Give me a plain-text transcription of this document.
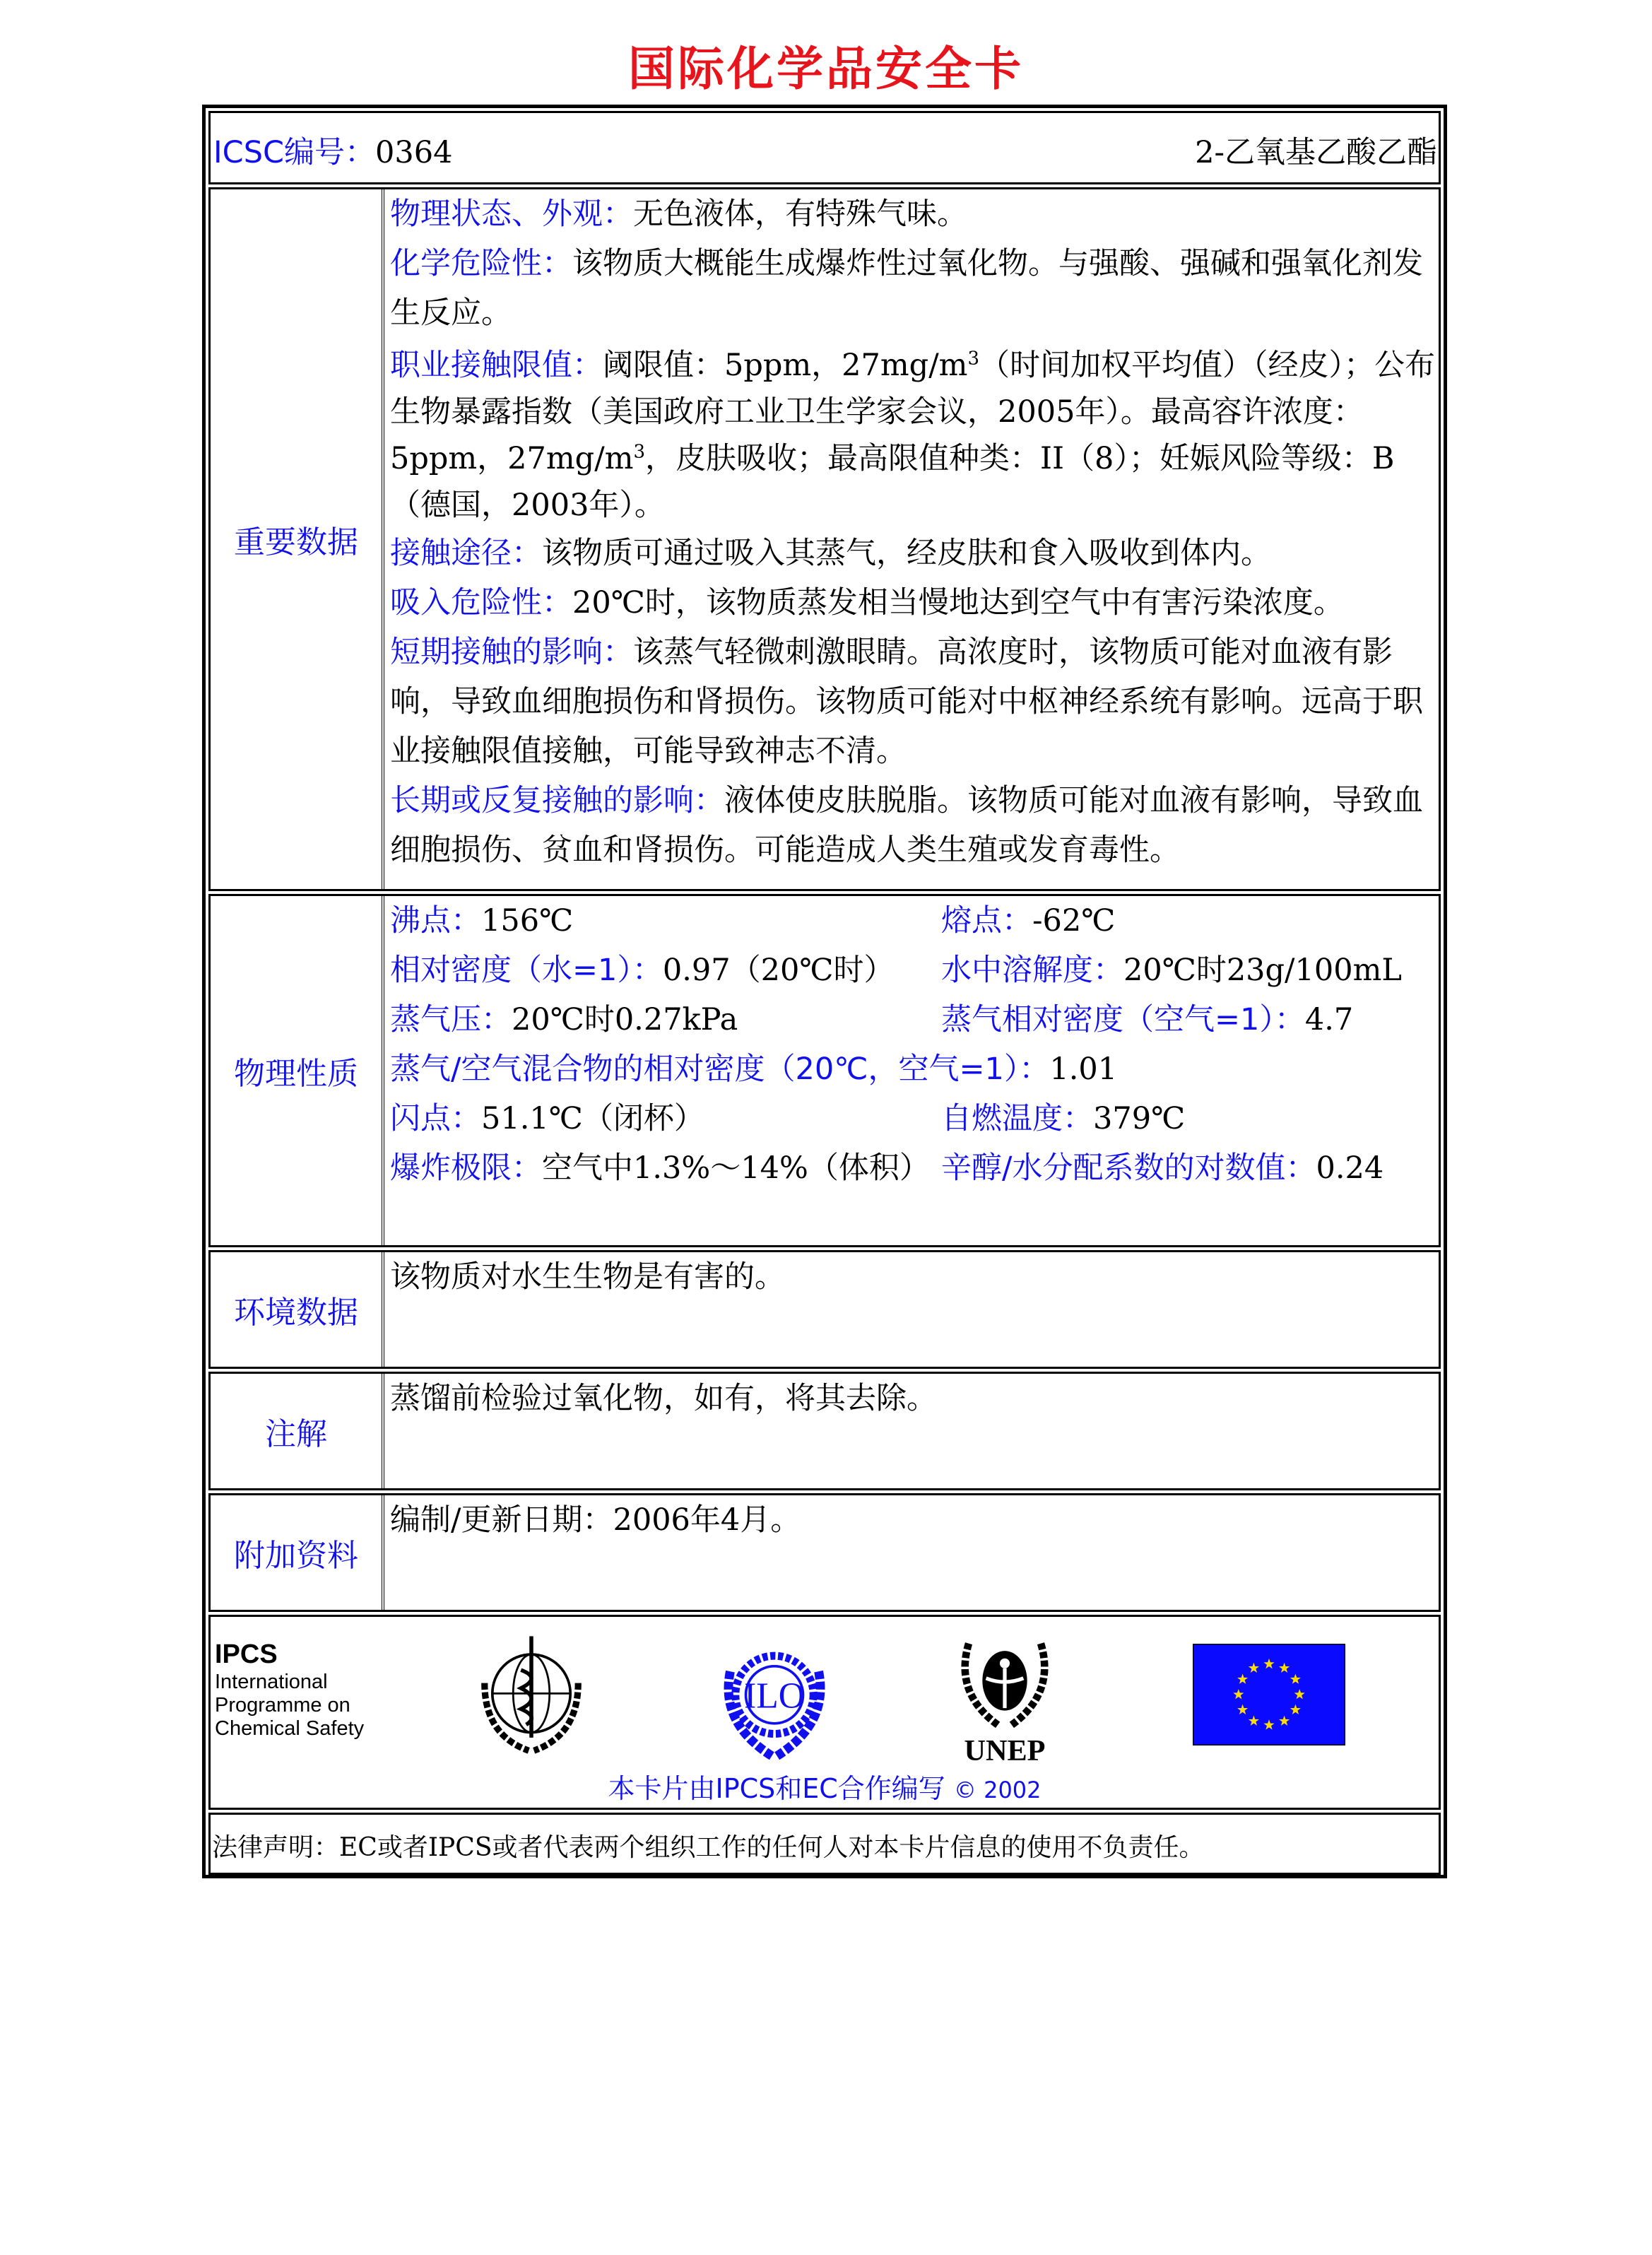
国际化学品安全卡
ICSC编号：0364	2-乙氧基乙酸乙酯
重要数据
物理状态、外观：无色液体，有特殊气味。
化学危险性：该物质大概能生成爆炸性过氧化物。与强酸、强碱和强氧化剂发生反应。
职业接触限值：阈限值：5ppm，$27mg/m^3$（时间加权平均值）（经皮）；公布生物暴露指数（美国政府工业卫生学家会议，2005年）。最高容许浓度：5ppm，$27mg/m^3$，皮肤吸收；最高限值种类：II（8）；妊娠风险等级：B（德国，2003年）。
接触途径：该物质可通过吸入其蒸气，经皮肤和食入吸收到体内。
吸入危险性：20℃时，该物质蒸发相当慢地达到空气中有害污染浓度。
短期接触的影响：该蒸气轻微刺激眼睛。高浓度时，该物质可能对血液有影响，导致血细胞损伤和肾损伤。该物质可能对中枢神经系统有影响。远高于职业接触限值接触，可能导致神志不清。
长期或反复接触的影响：液体使皮肤脱脂。该物质可能对血液有影响，导致血细胞损伤、贫血和肾损伤。可能造成人类生殖或发育毒性。
物理性质
沸点：156℃	熔点：-62℃
相对密度（水=1）：0.97（20℃时）	水中溶解度：20℃时23g/100mL
蒸气压：20℃时0.27kPa	蒸气相对密度（空气=1）：4.7
蒸气/空气混合物的相对密度（20℃，空气=1）：1.01
闪点：51.1℃（闭杯）	自燃温度：379℃
爆炸极限：空气中1.3%～14%（体积） 辛醇/水分配系数的对数值：0.24
环境数据
该物质对水生生物是有害的。
注解
蒸馏前检验过氧化物，如有，将其去除。
附加资料
编制/更新日期：2006年4月。
IPCS
International
Programme on
Chemical Safety
ILO
UNEP
本卡片由IPCS和EC合作编写 © 2002
法律声明：EC或者IPCS或者代表两个组织工作的任何人对本卡片信息的使用不负责任。
